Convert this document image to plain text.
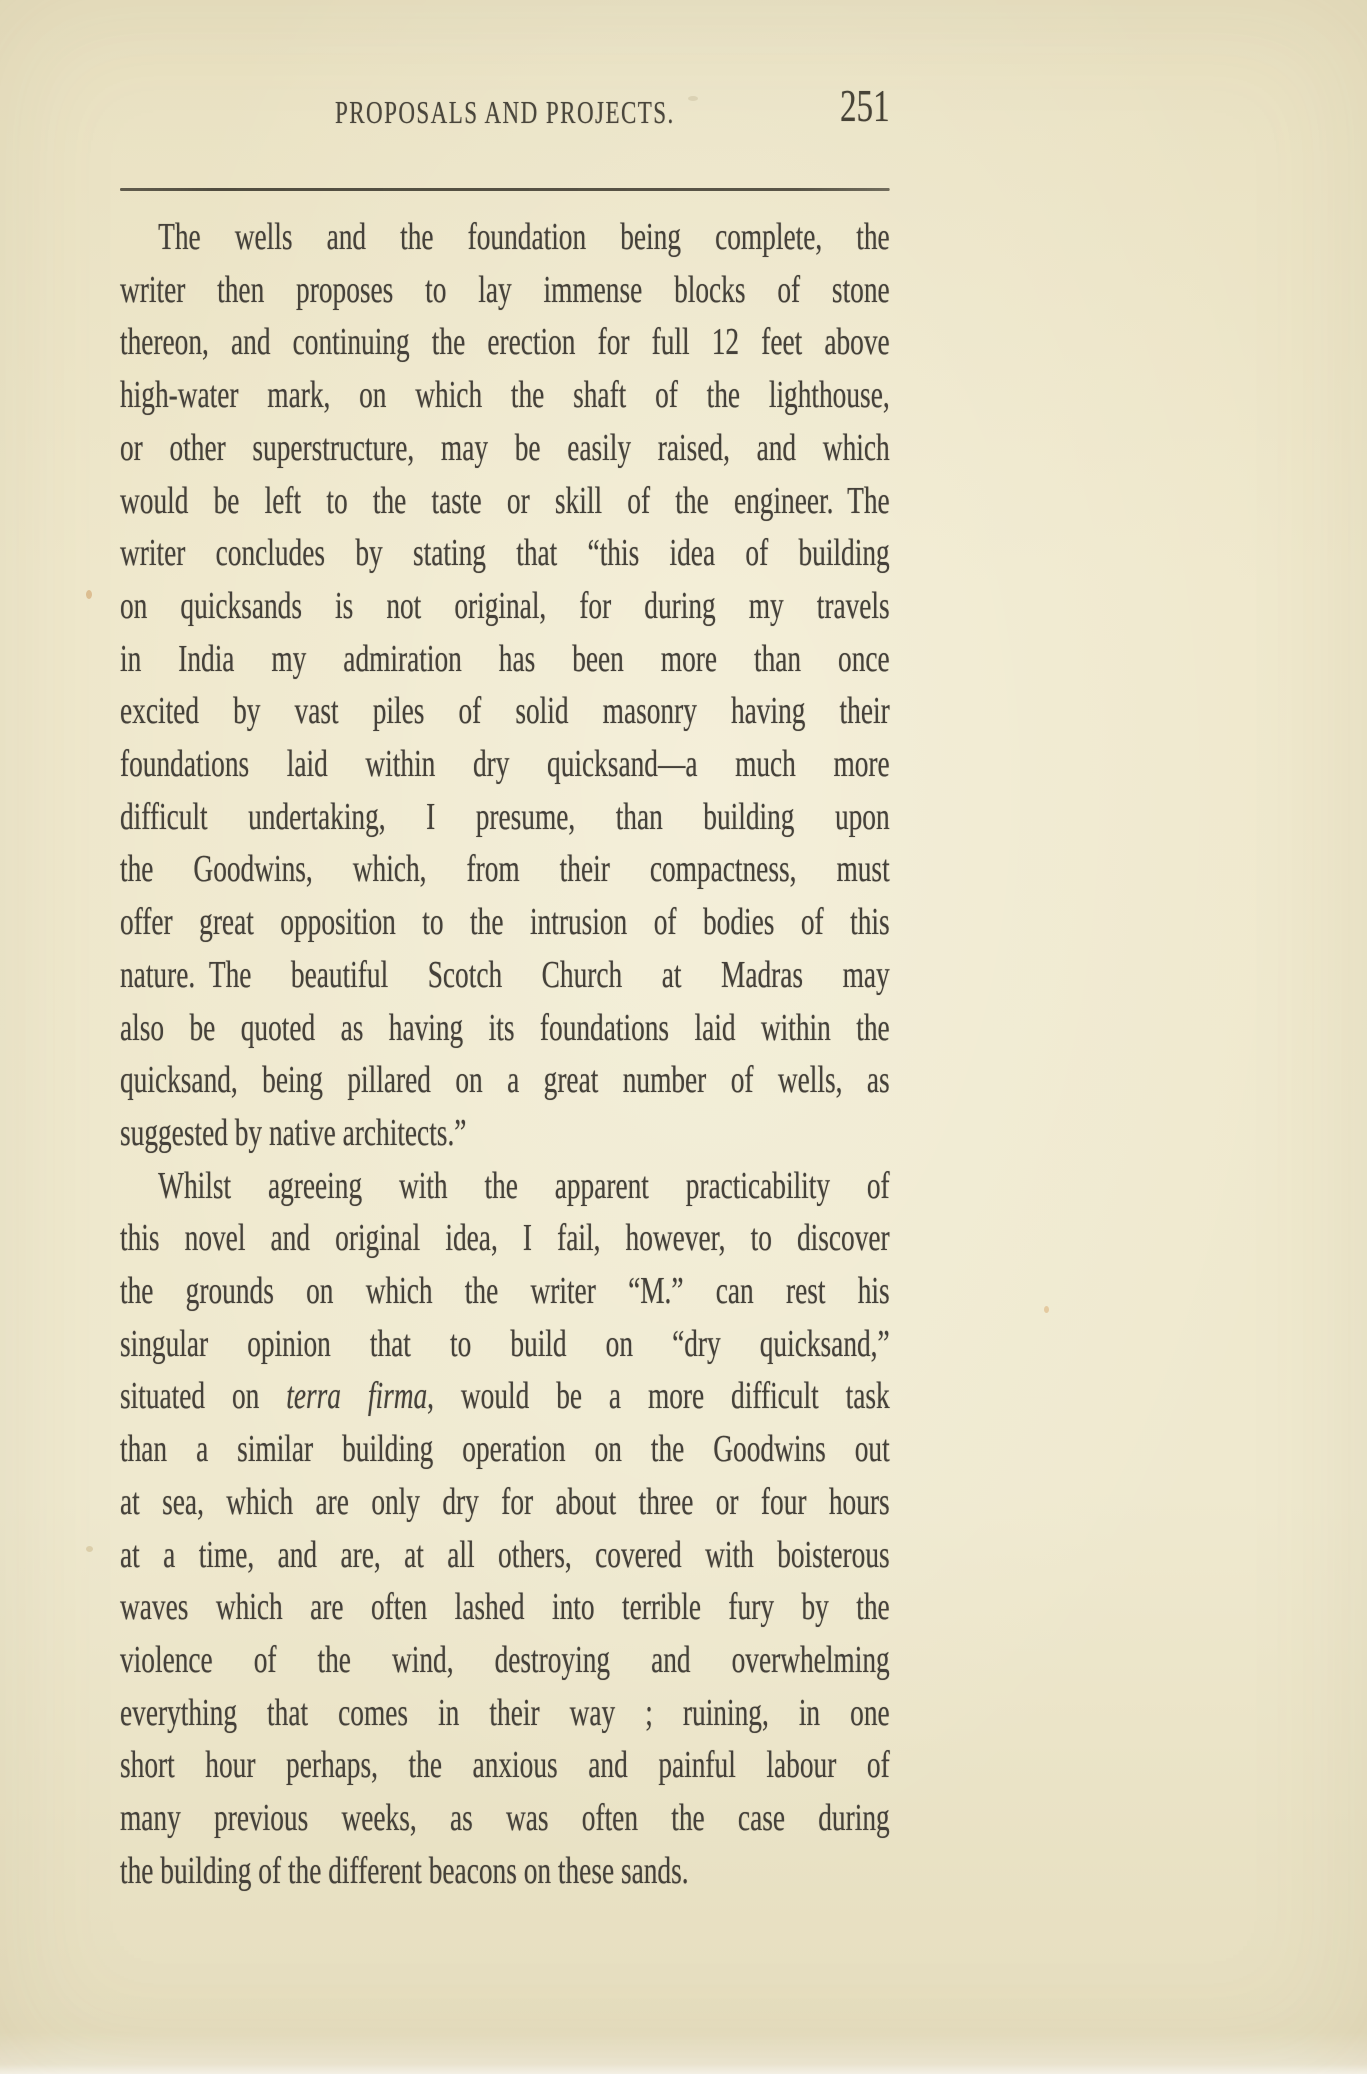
PROPOSALS AND PROJECTS.	251
The wells and the foundation being complete, the
writer then proposes to lay immense blocks of stone
thereon, and continuing the erection for full 12 feet above
high-water mark, on which the shaft of the lighthouse,
or other superstructure, may be easily raised, and which
would be left to the taste or skill of the engineer. The
writer concludes by stating that “this idea of building
on quicksands is not original, for during my travels
in India my admiration has been more than once
excited by vast piles of solid masonry having their
foundations laid within dry quicksand—a much more
difficult undertaking, I presume, than building upon
the Goodwins, which, from their compactness, must
offer great opposition to the intrusion of bodies of this
nature. The beautiful Scotch Church at Madras may
also be quoted as having its foundations laid within the
quicksand, being pillared on a great number of wells, as
suggested by native architects.”
Whilst agreeing with the apparent practicability of
this novel and original idea, I fail, however, to discover
the grounds on which the writer “M.” can rest his
singular opinion that to build on “dry quicksand,”
situated on terra firma, would be a more difficult task
than a similar building operation on the Goodwins out
at sea, which are only dry for about three or four hours
at a time, and are, at all others, covered with boisterous
waves which are often lashed into terrible fury by the
violence of the wind, destroying and overwhelming
everything that comes in their way ; ruining, in one
short hour perhaps, the anxious and painful labour of
many previous weeks, as was often the case during
the building of the different beacons on these sands.
